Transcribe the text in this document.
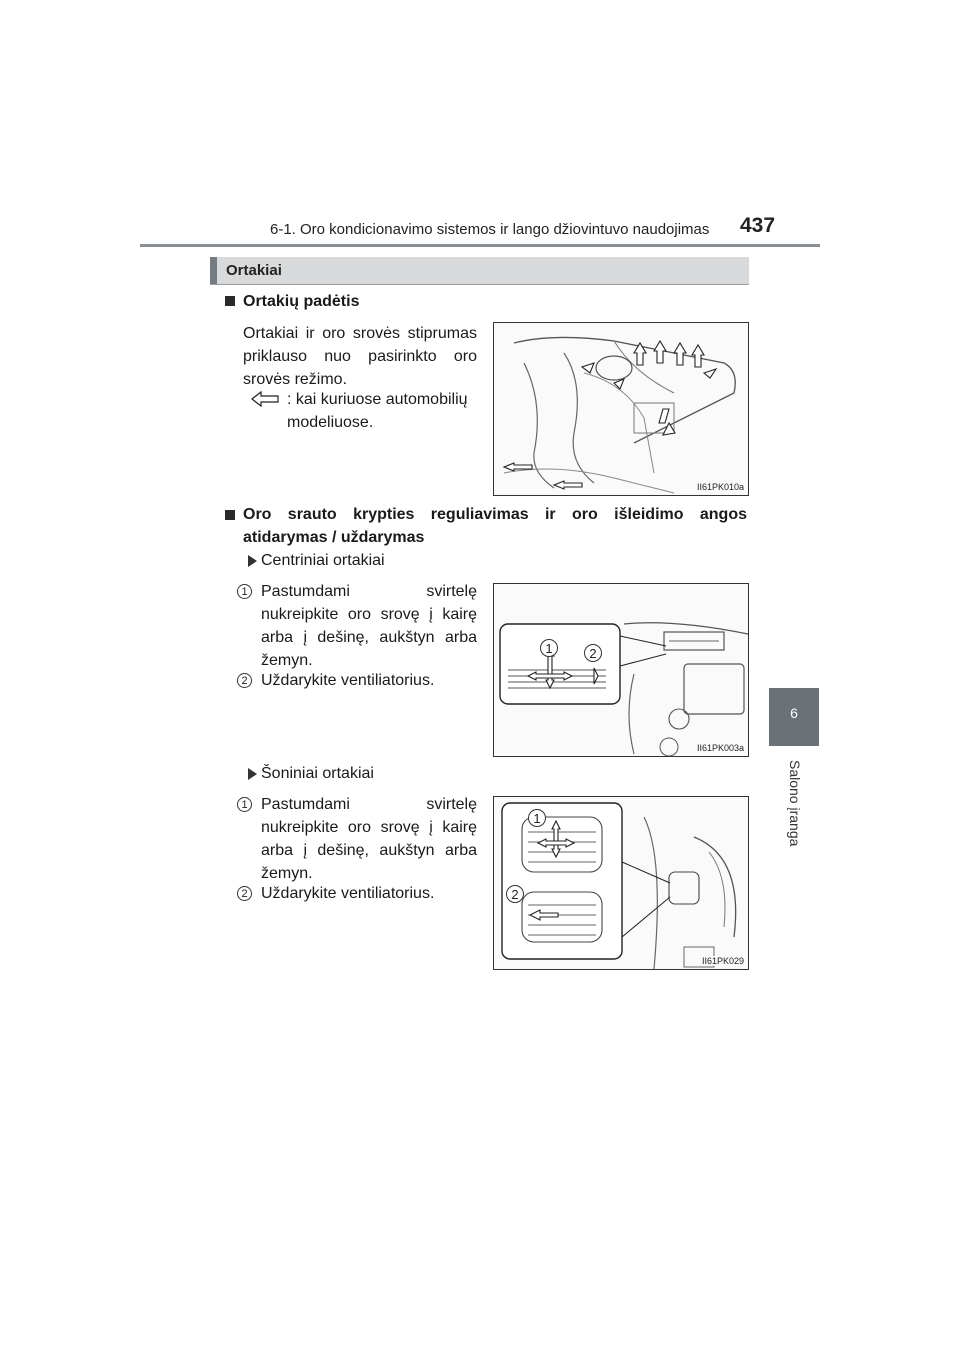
6-1. Oro kondicionavimo sistemos ir lango džiovintuvo naudojimas 437
6
Salono įranga
Ortakiai
Ortakių padėtis
Ortakiai ir oro srovės stiprumas priklauso nuo pasirinkto oro srovės režimo.
: kai kuriuose automobilių modeliuose.
II61PK010a
Oro srauto krypties reguliavimas ir oro išleidimo angos atidarymas / uždarymas
Centriniai ortakiai
1 Pastumdami svirtelę nukreipkite oro srovę į kairę arba į dešinę, aukštyn arba žemyn.
2 Uždarykite ventiliatorius.
1	2
II61PK003a
Šoniniai ortakiai
1 Pastumdami svirtelę nukreipkite oro srovę į kairę arba į dešinę, aukštyn arba žemyn.
2 Uždarykite ventiliatorius.
1
2
II61PK029
